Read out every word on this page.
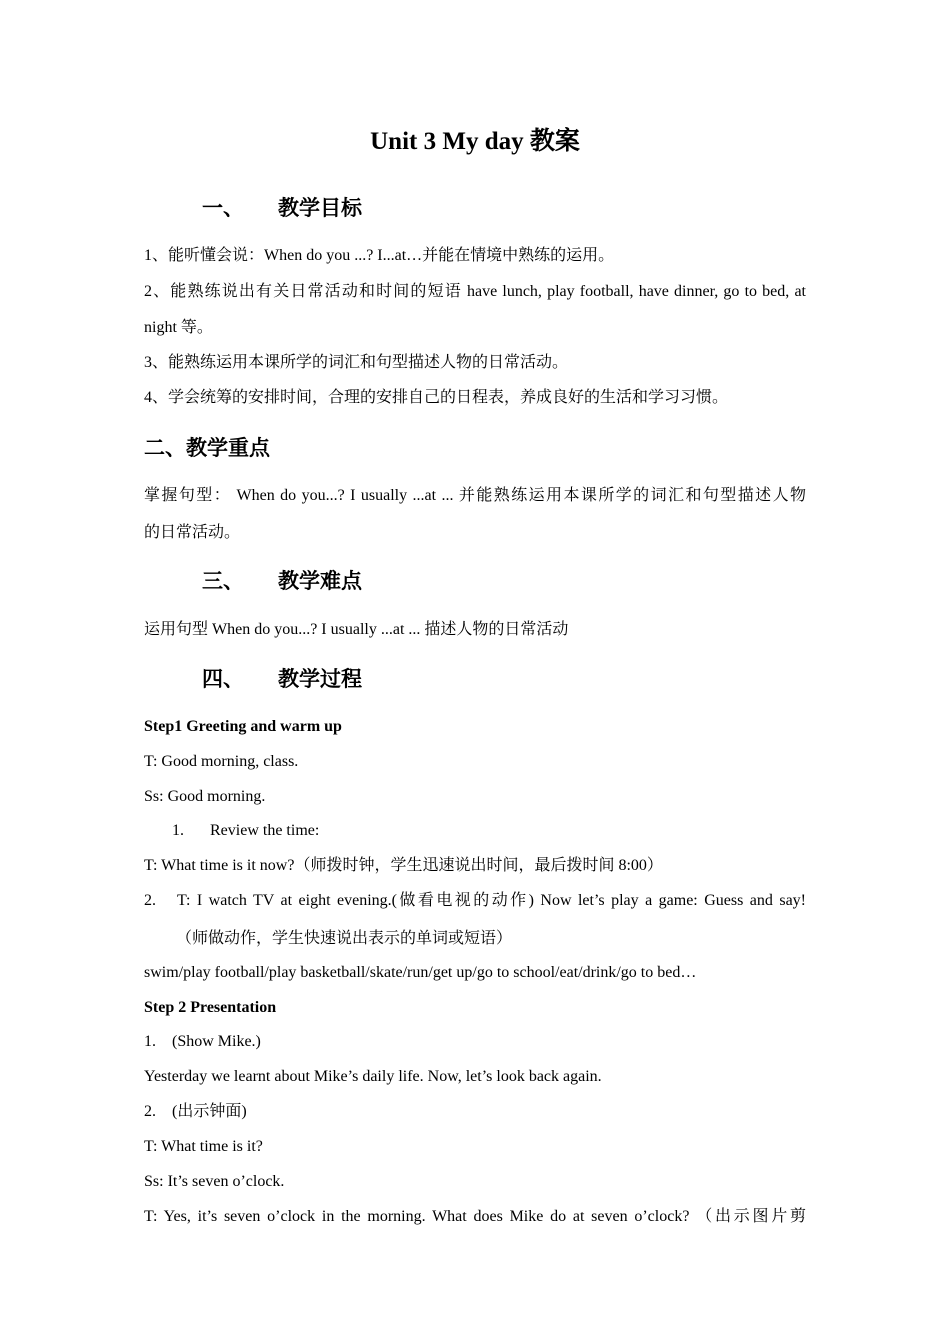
Unit 3 My day 教案
一、 教学目标
1、能听懂会说：When do you ...? I...at…并能在情境中熟练的运用。
2、能熟练说出有关日常活动和时间的短语 have lunch, play football, have dinner, go to bed, at
night 等。
3、能熟练运用本课所学的词汇和句型描述人物的日常活动。
4、学会统筹的安排时间，合理的安排自己的日程表，养成良好的生活和学习习惯。
二、教学重点
掌握句型： When do you...? I usually ...at ... 并能熟练运用本课所学的词汇和句型描述人物
的日常活动。
三、 教学难点
运用句型 When do you...? I usually ...at ... 描述人物的日常活动
四、 教学过程
Step1 Greeting and warm up
T: Good morning, class.
Ss: Good morning.
1. Review the time:
T: What time is it now?（师拨时钟，学生迅速说出时间，最后拨时间 8:00）
2. T: I watch TV at eight evening.(做看电视的动作) Now let’s play a game: Guess and say!
（师做动作，学生快速说出表示的单词或短语）
swim/play football/play basketball/skate/run/get up/go to school/eat/drink/go to bed…
Step 2 Presentation
1. (Show Mike.)
Yesterday we learnt about Mike’s daily life. Now, let’s look back again.
2. (出示钟面)
T: What time is it?
Ss: It’s seven o’clock.
T: Yes, it’s seven o’clock in the morning. What does Mike do at seven o’clock? （出示图片剪
